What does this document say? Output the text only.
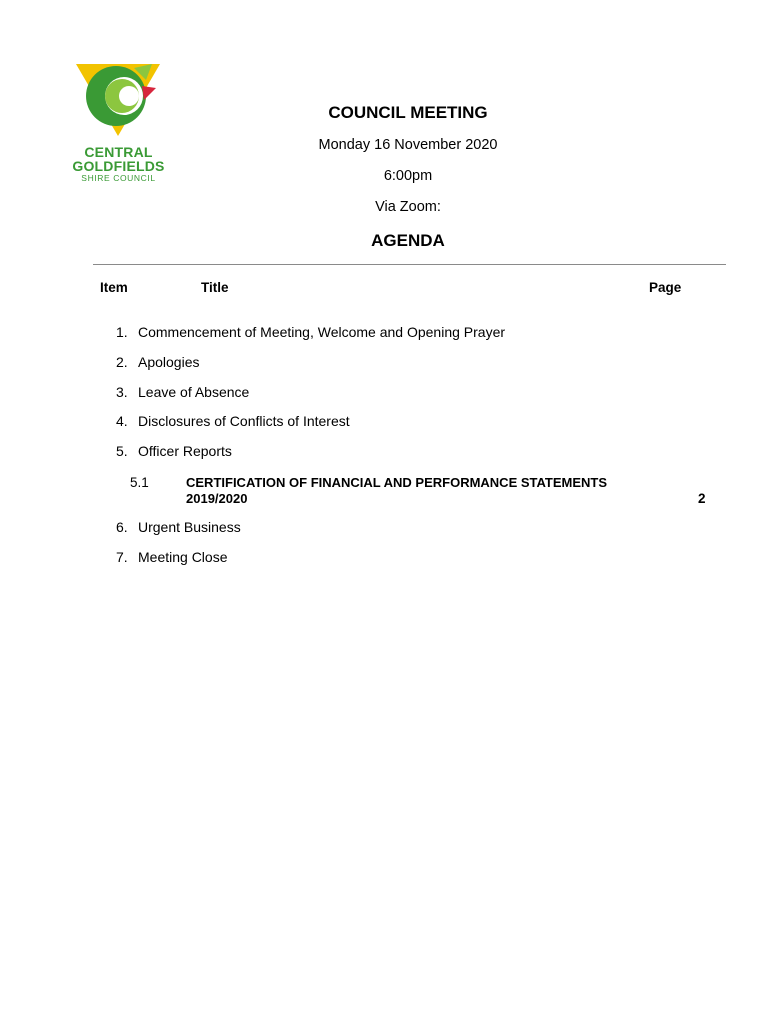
CENTRAL
GOLDFIELDS
SHIRE COUNCIL
COUNCIL MEETING
Monday 16 November 2020
6:00pm
Via Zoom:
AGENDA
Item	Title	Page
1. Commencement of Meeting, Welcome and Opening Prayer
2. Apologies
3. Leave of Absence
4. Disclosures of Conflicts of Interest
5. Officer Reports
5.1	CERTIFICATION OF FINANCIAL AND PERFORMANCE STATEMENTS 2019/2020	2
6. Urgent Business
7. Meeting Close
